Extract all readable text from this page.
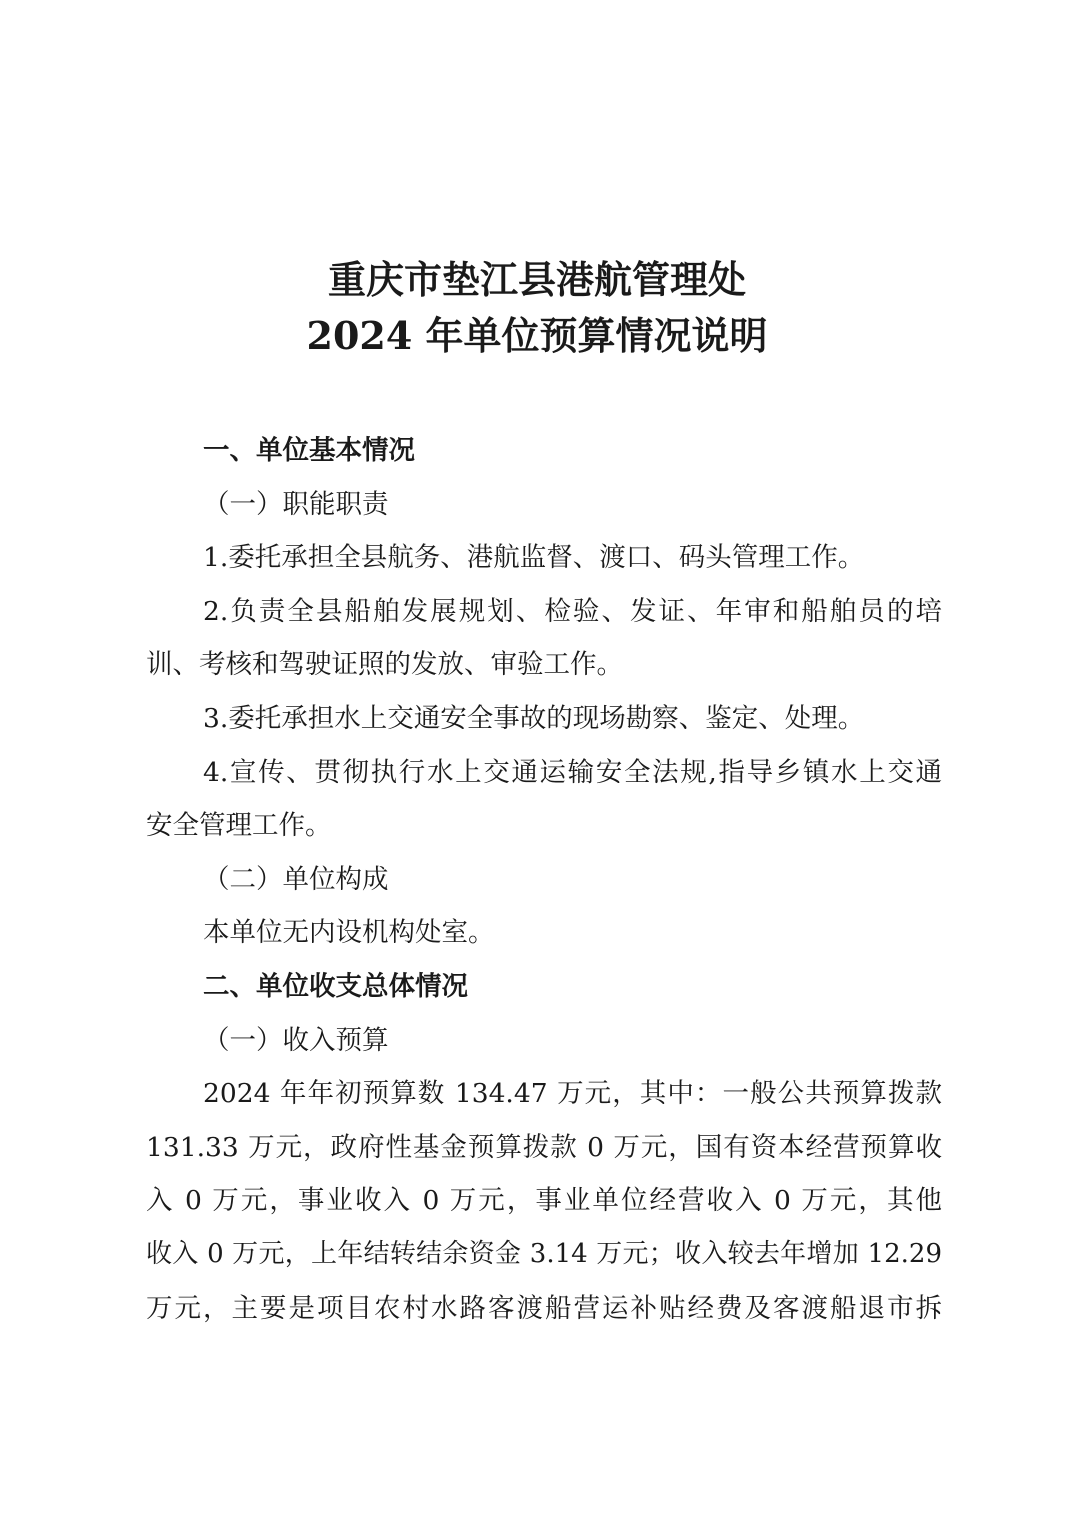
重庆市垫江县港航管理处
2024 年单位预算情况说明
一、单位基本情况
（一）职能职责
1.委托承担全县航务、港航监督、渡口、码头管理工作。
2.负责全县船舶发展规划、检验、发证、年审和船舶员的培
训、考核和驾驶证照的发放、审验工作。
3.委托承担水上交通安全事故的现场勘察、鉴定、处理。
4.宣传、贯彻执行水上交通运输安全法规,指导乡镇水上交通
安全管理工作。
（二）单位构成
本单位无内设机构处室。
二、单位收支总体情况
（一）收入预算
2024 年年初预算数 134.47 万元，其中：一般公共预算拨款
131.33 万元，政府性基金预算拨款 0 万元，国有资本经营预算收
入 0 万元，事业收入 0 万元，事业单位经营收入 0 万元，其他
收入 0 万元，上年结转结余资金 3.14 万元；收入较去年增加 12.29
万元，主要是项目农村水路客渡船营运补贴经费及客渡船退市拆
